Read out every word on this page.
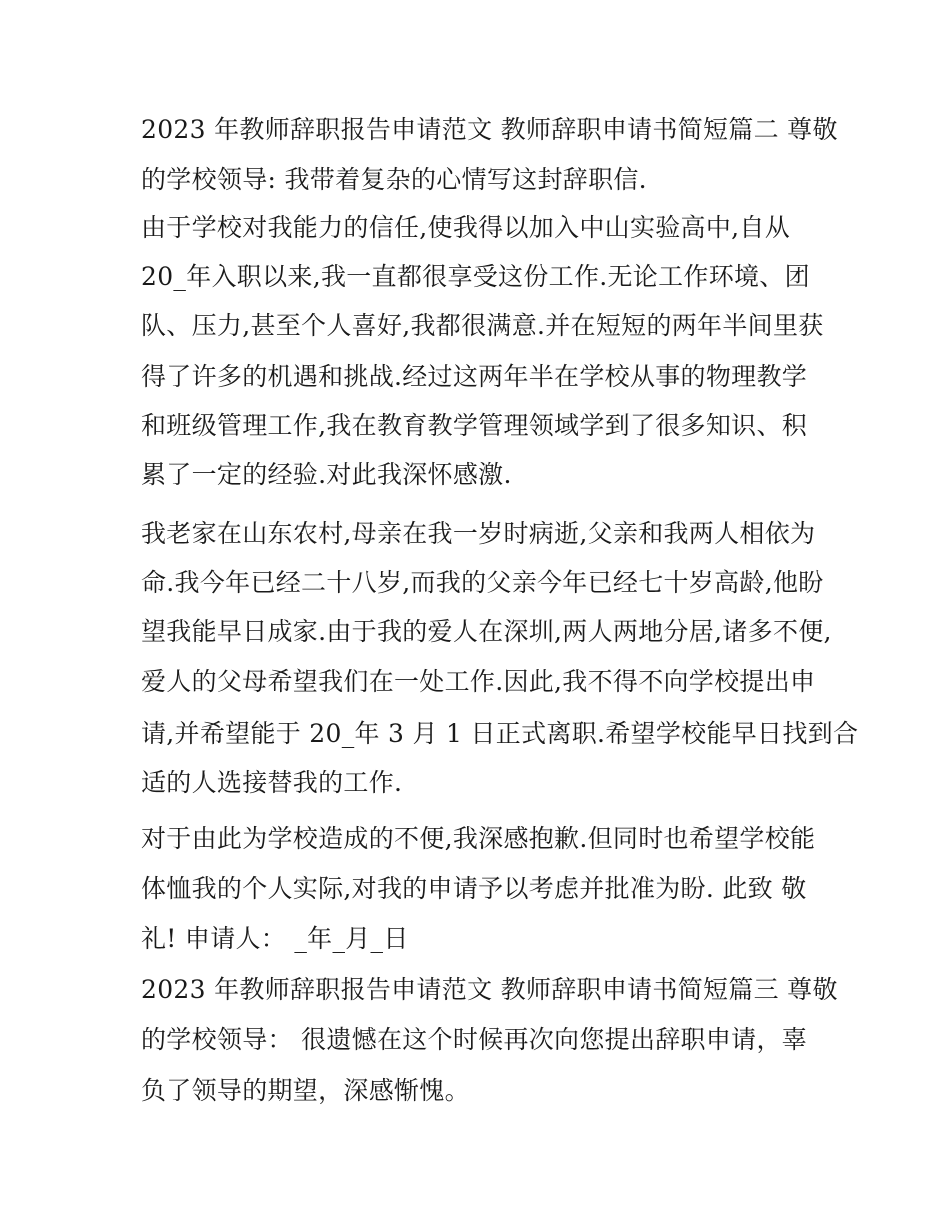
2023 年教师辞职报告申请范文 教师辞职申请书简短篇二 尊敬

的学校领导: 我带着复杂的心情写这封辞职信.

由于学校对我能力的信任,使我得以加入中山实验高中,自从

20_年入职以来,我一直都很享受这份工作.无论工作环境、团

队、压力,甚至个人喜好,我都很满意.并在短短的两年半间里获

得了许多的机遇和挑战.经过这两年半在学校从事的物理教学

和班级管理工作,我在教育教学管理领域学到了很多知识、积

累了一定的经验.对此我深怀感激.

我老家在山东农村,母亲在我一岁时病逝,父亲和我两人相依为

命.我今年已经二十八岁,而我的父亲今年已经七十岁高龄,他盼

望我能早日成家.由于我的爱人在深圳,两人两地分居,诸多不便,

爱人的父母希望我们在一处工作.因此,我不得不向学校提出申

请,并希望能于 20_年 3 月 1 日正式离职.希望学校能早日找到合

适的人选接替我的工作.

对于由此为学校造成的不便,我深感抱歉.但同时也希望学校能

体恤我的个人实际,对我的申请予以考虑并批准为盼. 此致 敬

礼! 申请人： _年_月_日

2023 年教师辞职报告申请范文 教师辞职申请书简短篇三 尊敬

的学校领导： 很遗憾在这个时候再次向您提出辞职申请，辜

负了领导的期望，深感惭愧。
